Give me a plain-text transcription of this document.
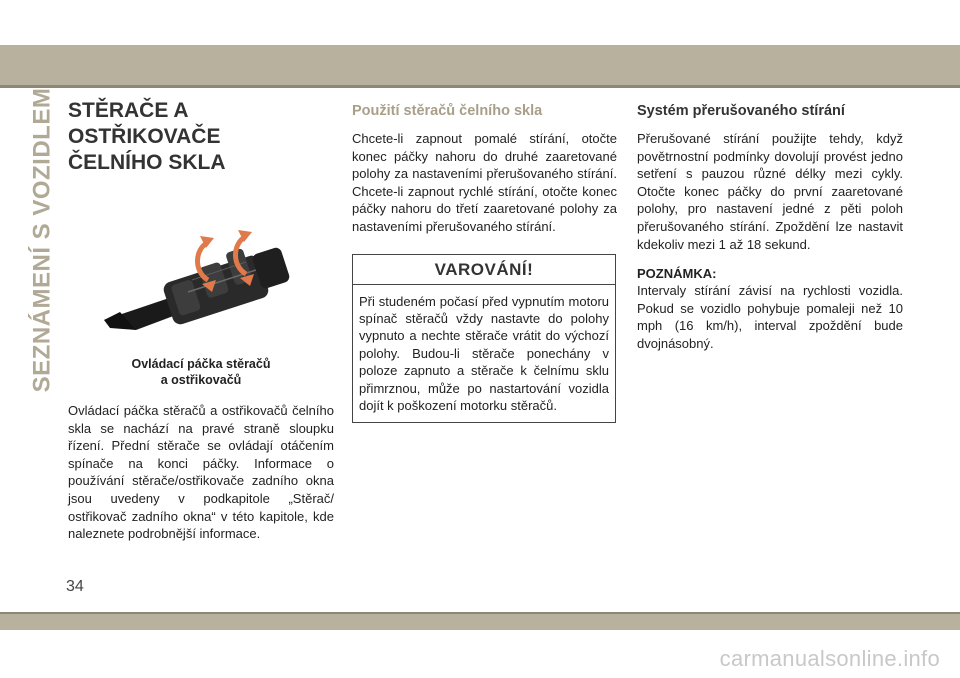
SEZNÁMENÍ S VOZIDLEM STĚRAČE A OSTŘIKOVAČE
ČELNÍHO SKLA
Ovládací páčka stěračů
a ostřikovačů

Ovládací páčka stěračů a ostřikovačů čelního skla se nachází na pravé straně sloupku řízení. Přední stěrače se ovládají otáčením spínače na konci páčky. Informace o používání stěrače/ostřikovače zadního okna jsou uvedeny v podkapitole „Stěrač/ ostřikovač zadního okna“ v této kapitole, kde naleznete podrobnější informace.

Použití stěračů čelního skla

Chcete-li zapnout pomalé stírání, otočte konec páčky nahoru do druhé zaaretované polohy za nastaveními přerušovaného stírání. Chcete-li zapnout rychlé stírání, otočte konec páčky nahoru do třetí zaaretované polohy za nastaveními přerušovaného stírání.

VAROVÁNÍ!
Při studeném počasí před vypnutím motoru spínač stěračů vždy nastavte do polohy vypnuto a nechte stěrače vrátit do výchozí polohy. Budou-li stěrače ponechány v poloze zapnuto a stěrače k čelnímu sklu přimrznou, může po nastartování vozidla dojít k poškození motorku stěračů.
Systém přerušovaného stírání

Přerušované stírání použijte tehdy, když povětrnostní podmínky dovolují provést jedno setření s pauzou různé délky mezi cykly. Otočte konec páčky do první zaaretované polohy, pro nastavení jedné z pěti poloh přerušovaného stírání. Zpoždění lze nastavit kdekoliv mezi 1 až 18 sekund.

POZNÁMKA:

Intervaly stírání závisí na rychlosti vozidla. Pokud se vozidlo pohybuje pomaleji než 10 mph (16 km/h), interval zpoždění bude dvojnásobný.

34
carmanualsonline.info
